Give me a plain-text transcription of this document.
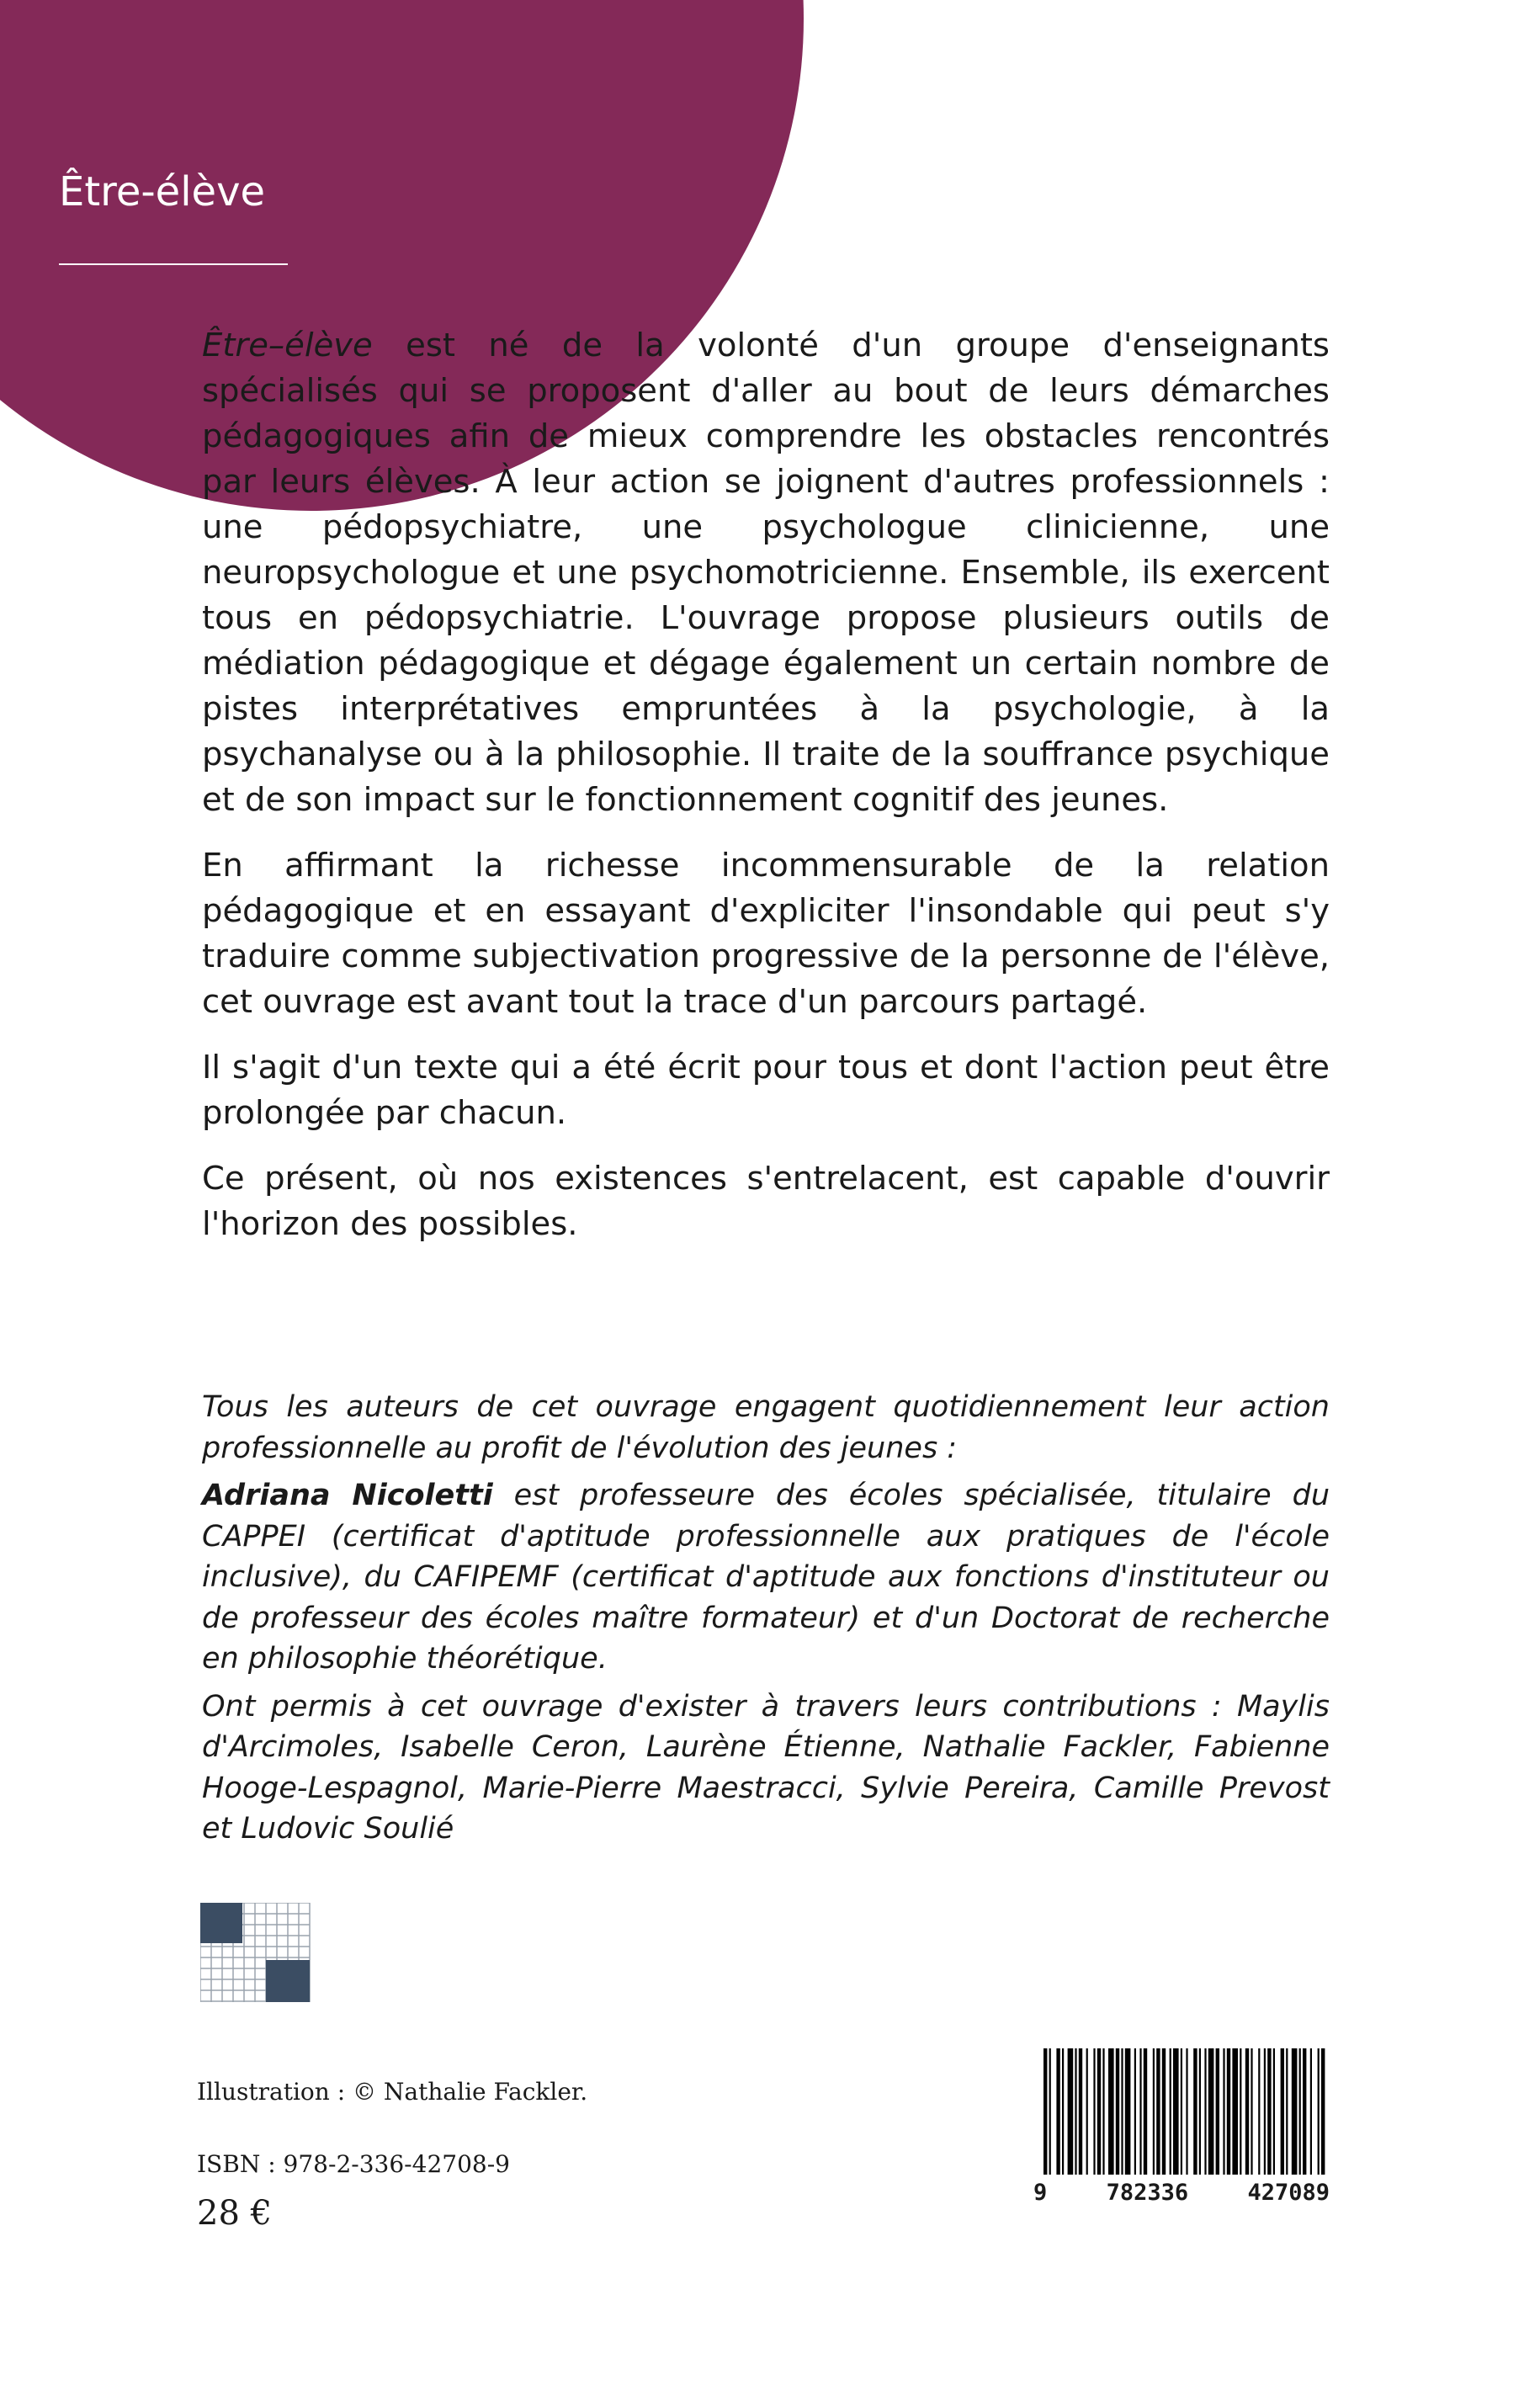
Être-élève

Être–élève est né de la volonté d'un groupe d'enseignants spécialisés qui se proposent d'aller au bout de leurs démarches pédagogiques afin de mieux comprendre les obstacles rencontrés par leurs élèves. À leur action se joignent d'autres professionnels : une pédopsychiatre, une psychologue clinicienne, une neuropsychologue et une psychomotricienne. Ensemble, ils exercent tous en pédopsychiatrie. L'ouvrage propose plusieurs outils de médiation pédagogique et dégage également un certain nombre de pistes interprétatives empruntées à la psychologie, à la psychanalyse ou à la philosophie. Il traite de la souffrance psychique et de son impact sur le fonctionnement cognitif des jeunes.

En affirmant la richesse incommensurable de la relation pédagogique et en essayant d'expliciter l'insondable qui peut s'y traduire comme subjectivation progressive de la personne de l'élève, cet ouvrage est avant tout la trace d'un parcours partagé.

Il s'agit d'un texte qui a été écrit pour tous et dont l'action peut être prolongée par chacun.

Ce présent, où nos existences s'entrelacent, est capable d'ouvrir l'horizon des possibles.

Tous les auteurs de cet ouvrage engagent quotidiennement leur action professionnelle au profit de l'évolution des jeunes :

Adriana Nicoletti est professeure des écoles spécialisée, titulaire du CAPPEI (certificat d'aptitude professionnelle aux pratiques de l'école inclusive), du CAFIPEMF (certificat d'aptitude aux fonctions d'instituteur ou de professeur des écoles maître formateur) et d'un Doctorat de recherche en philosophie théorétique.

Ont permis à cet ouvrage d'exister à travers leurs contributions : Maylis d'Arcimoles, Isabelle Ceron, Laurène Étienne, Nathalie Fackler, Fabienne Hooge-Lespagnol, Marie-Pierre Maestracci, Sylvie Pereira, Camille Prevost et Ludovic Soulié

Illustration : © Nathalie Fackler.
ISBN : 978-2-336-42708-9
28 €
9	782336	427089
